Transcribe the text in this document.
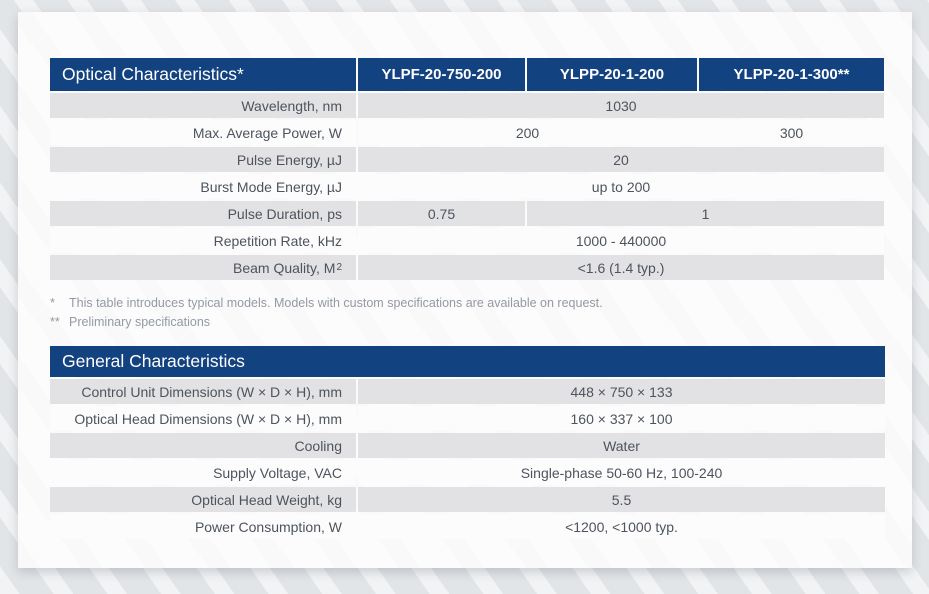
Optical Characteristics*	YLPF-20-750-200	YLPP-20-1-200	YLPP-20-1-300**
Wavelength, nm	1030
Max. Average Power, W	200	300
Pulse Energy, µJ	20
Burst Mode Energy, µJ	up to 200
Pulse Duration, ps	0.75	1
Repetition Rate, kHz	1000 - 440000
Beam Quality, M 2	<1.6 (1.4 typ.)
*	This table introduces typical models. Models with custom specifications are available on request.
** Preliminary specifications
General Characteristics
Control Unit Dimensions (W × D × H), mm	448 × 750 × 133
Optical Head Dimensions (W × D × H), mm	160 × 337 × 100
Cooling	Water
Supply Voltage, VAC	Single-phase 50-60 Hz, 100-240
Optical Head Weight, kg	5.5
Power Consumption, W	<1200, <1000 typ.
